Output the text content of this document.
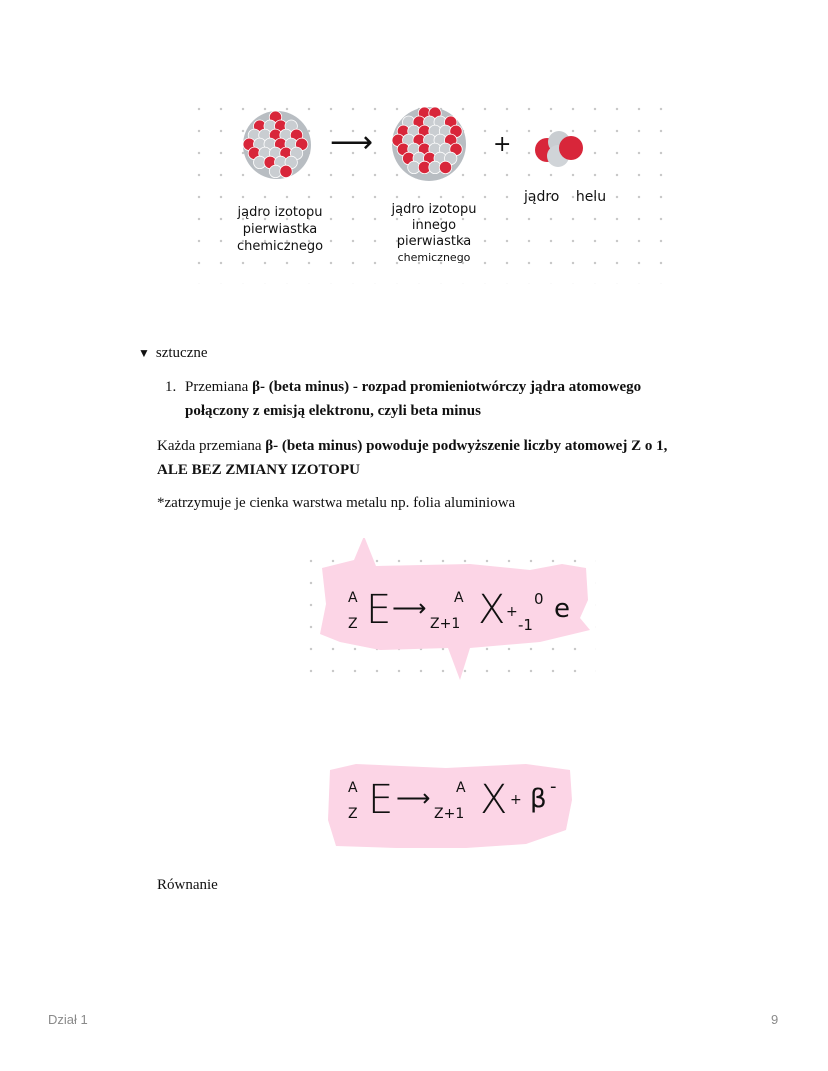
⟶	+
jądro izotopu
pierwiastka
chemicznego
jądro izotopu
innego
pierwiastka
chemicznego
jądro helu
▼ sztuczne
1. Przemiana β- (beta minus) - rozpad promieniotwórczy jądra atomowego
połączony z emisją elektronu, czyli beta minus
Każda przemiana β- (beta minus) powoduje podwyższenie liczby atomowej Z o 1,
ALE BEZ ZMIANY IZOTOPU
*zatrzymuje je cienka warstwa metalu np. folia aluminiowa
Równanie
A
Z E ⟶ A
Z+1 X +
0
-1
e
A
Z E ⟶ A
Z+1 X + β -
Dział 1	9
